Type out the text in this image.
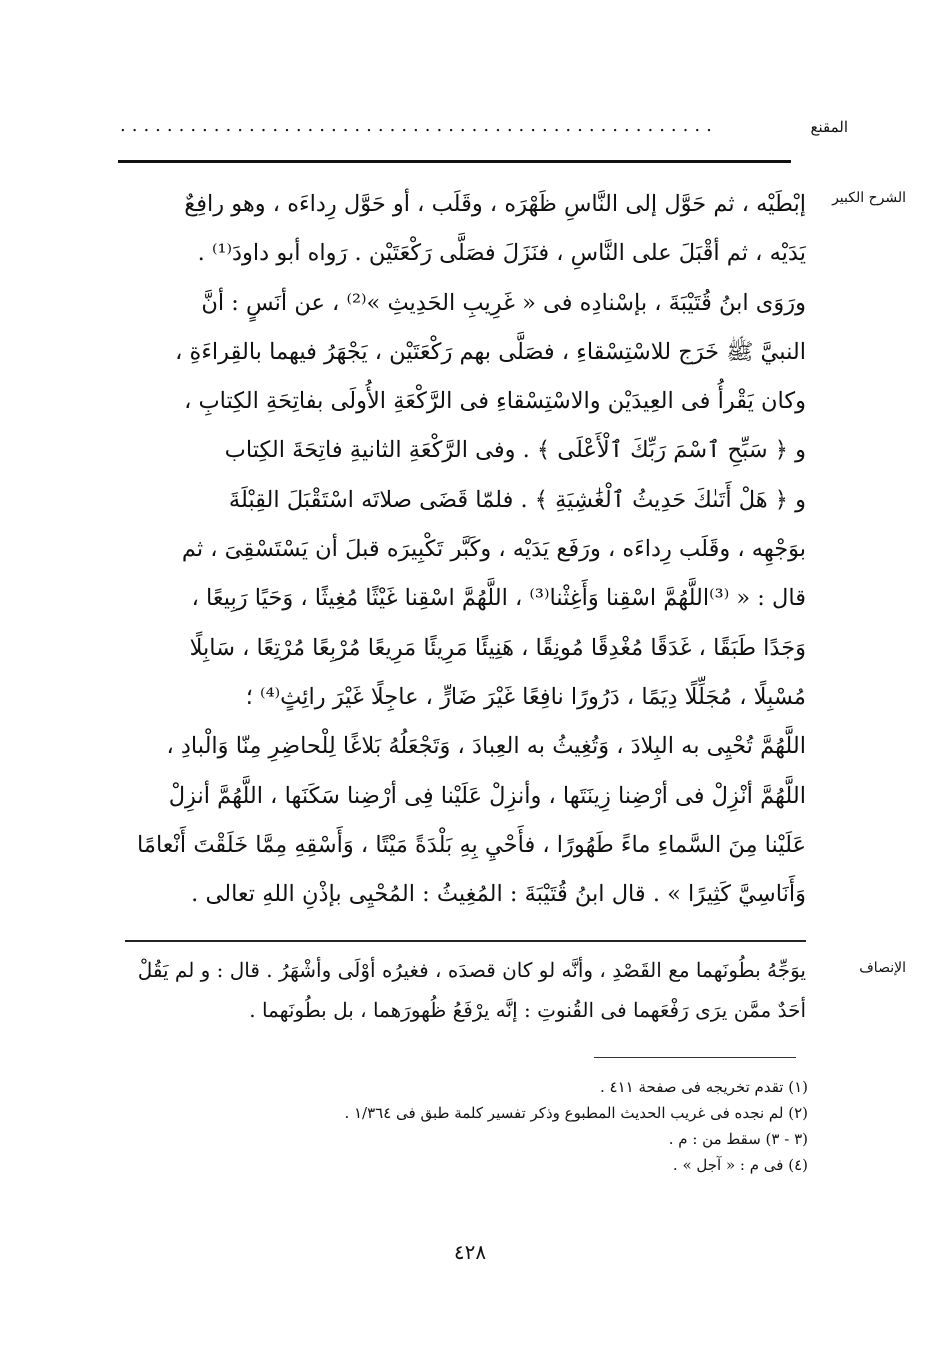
المقنع
...................................................
الشرح الكبير
إبْطَيْه ، ثم حَوَّل إلى النَّاسِ ظَهْرَه ، وقَلَب ، أو حَوَّل رِداءَه ، وهو رافِعٌ
يَدَيْه ، ثم أقْبَلَ على النَّاسِ ، فنَزَلَ فصَلَّى رَكْعَتَيْن . رَواه أبو داودَ⁽¹⁾ .
ورَوَى ابنُ قُتَيْبَةَ ، بإسْنادِه فى « غَرِيبِ الحَدِيثِ »⁽²⁾ ، عن أنَسٍ : أنَّ
النبيَّ ﷺ خَرَج للاسْتِسْقاءِ ، فصَلَّى بهم رَكْعَتَيْن ، يَجْهَرُ فيهما بالقِراءَةِ ،
وكان يَقْرأُ فى العِيدَيْن والاسْتِسْقاءِ فى الرَّكْعَةِ الأُولَى بفاتِحَةِ الكِتابِ ،
و ﴿ سَبِّحِ ٱسْمَ رَبِّكَ ٱلْأَعْلَى ﴾ . وفى الرَّكْعَةِ الثانيةِ فاتِحَةَ الكِتاب
و ﴿ هَلْ أَتَىٰكَ حَدِيثُ ٱلْغَٰشِيَةِ ﴾ . فلمّا قَضَى صلاتَه اسْتَقْبَلَ القِبْلَةَ
بوَجْهِه ، وقَلَب رِداءَه ، ورَفَع يَدَيْه ، وكَبَّر تَكْبِيرَه قبلَ أن يَسْتَسْقِىَ ، ثم
قال : « ⁽³⁾اللَّهُمَّ اسْقِنا وَأَغِثْنا⁽³⁾ ، اللَّهُمَّ اسْقِنا غَيْثًا مُغِيثًا ، وَحَيًا رَبِيعًا ،
وَجَدًا طَبَقًا ، غَدَقًا مُغْدِقًا مُونِقًا ، هَنِيئًا مَرِيئًا مَرِيعًا مُرْبِعًا مُرْتِعًا ، سَابِلًا
مُسْبِلًا ، مُجَلِّلًا دِيَمًا ، دَرُورًا نافِعًا غَيْرَ ضَارٍّ ، عاجِلًا غَيْرَ رائِثٍ⁽⁴⁾ ؛
اللَّهُمَّ تُحْيِى به البِلادَ ، وَتُغِيثُ به العِبادَ ، وَتَجْعَلُهُ بَلاغًا لِلْحاضِرِ مِنّا وَالْبادِ ،
اللَّهُمَّ أنْزِلْ فى أرْضِنا زِينَتَها ، وأنزِلْ عَلَيْنا فِى أرْضِنا سَكَنَها ، اللَّهُمَّ أنزِلْ
عَلَيْنا مِنَ السَّماءِ ماءً طَهُورًا ، فأَحْيِ بِهِ بَلْدَةً مَيْتًا ، وَأَسْقِهِ مِمَّا خَلَقْتَ أَنْعامًا
وَأَنَاسِيَّ كَثِيرًا » . قال ابنُ قُتَيْبَةَ : المُغِيثُ : المُحْيِى بإذْنِ اللهِ تعالى .
الإنصاف
يوَجِّهُ بطُونَهما مع القَصْدِ ، وأنَّه لو كان قصدَه ، فغيرُه أوْلَى وأشْهَرُ . قال : و لم يَقُلْ
أحَدٌ ممَّن يرَى رَفْعَهما فى القُنوتِ : إنَّه يرْفَعُ ظُهورَهما ، بل بطُونَهما .
(١) تقدم تخريجه فى صفحة ٤١١ .
(٢) لم نجده فى غريب الحديث المطبوع وذكر تفسير كلمة طبق فى ١/٣٦٤ .
(٣ - ٣) سقط من : م .
(٤) فى م : « آجل » .
٤٢٨
